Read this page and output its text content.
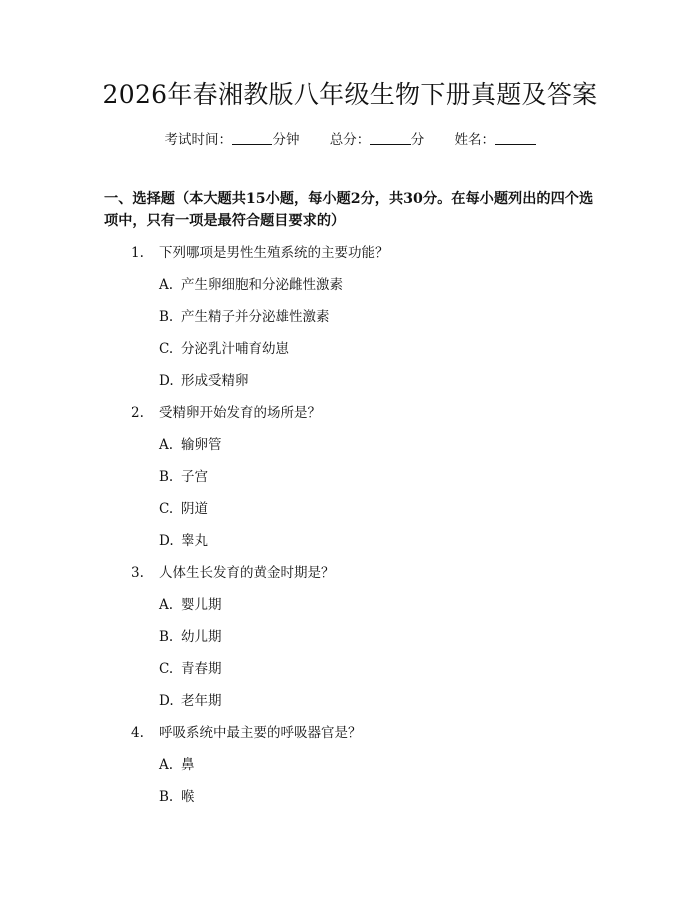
2026年春湘教版八年级生物下册真题及答案
考试时间：	分钟 总分：	分 姓名：

一、选择题（本大题共15小题，每小题2分，共30分。在每小题列出的四个选项中，只有一项是最符合题目要求的）

1. 下列哪项是男性生殖系统的主要功能？
A. 产生卵细胞和分泌雌性激素
B. 产生精子并分泌雄性激素
C. 分泌乳汁哺育幼崽
D. 形成受精卵
2. 受精卵开始发育的场所是？
A. 输卵管
B. 子宫
C. 阴道
D. 睾丸
3. 人体生长发育的黄金时期是？
A. 婴儿期
B. 幼儿期
C. 青春期
D. 老年期
4. 呼吸系统中最主要的呼吸器官是？
A. 鼻
B. 喉
